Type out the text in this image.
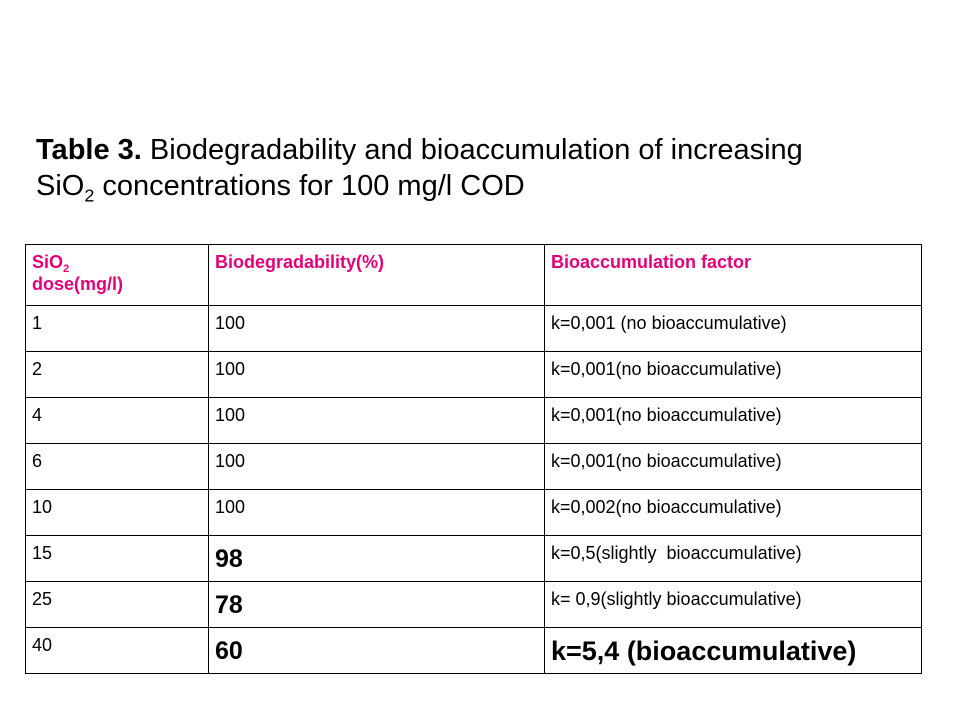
Table 3. Biodegradability and bioaccumulation of increasing
SiO$_2$ concentrations for 100 mg/l COD
SiO$_2$
dose(mg/l)	Biodegradability(%)	Bioaccumulation factor
1	100	k=0,001 (no bioaccumulative)
2	100	k=0,001(no bioaccumulative)
4	100	k=0,001(no bioaccumulative)
6	100	k=0,001(no bioaccumulative)
10	100	k=0,002(no bioaccumulative)
15	98	k=0,5(slightly  bioaccumulative)
25	78	k= 0,9(slightly bioaccumulative)
40	60	k=5,4 (bioaccumulative)
